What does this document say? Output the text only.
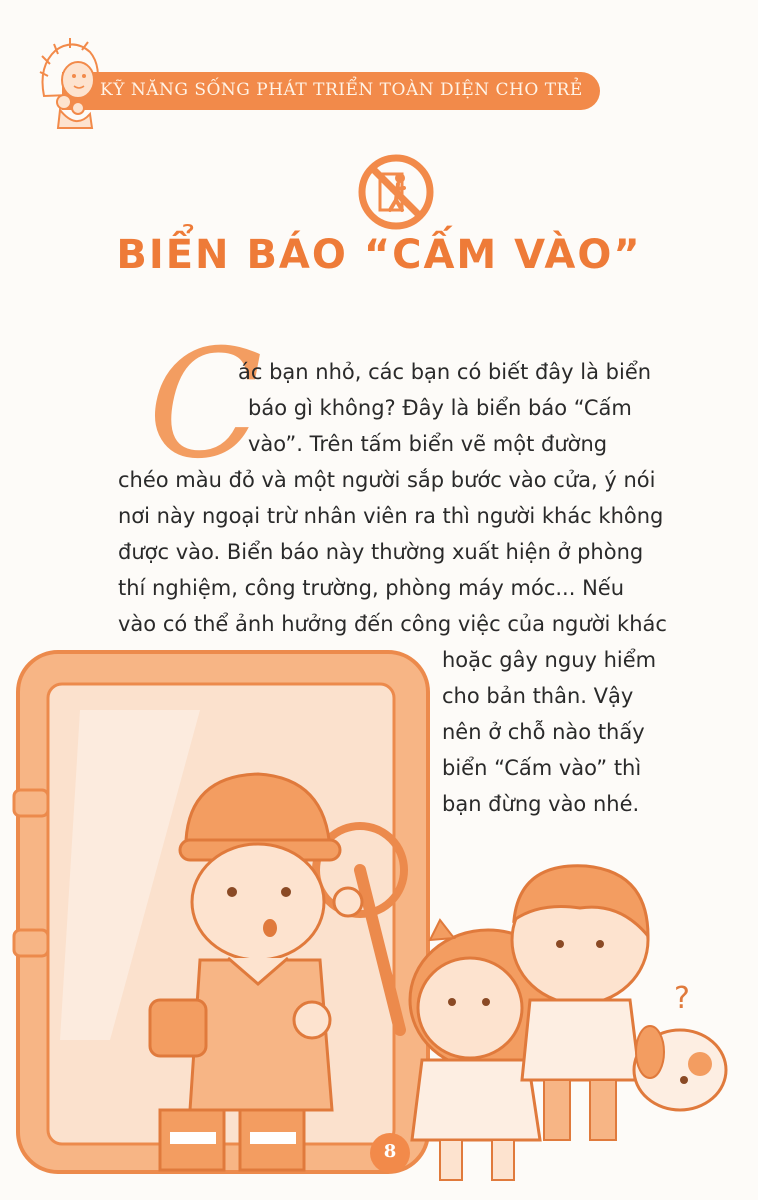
KỸ NĂNG SỐNG PHÁT TRIỂN TOÀN DIỆN CHO TRẺ
BIỂN BÁO “CẤM VÀO”
C
ác bạn nhỏ, các bạn có biết đây là biển
báo gì không? Đây là biển báo “Cấm
vào”. Trên tấm biển vẽ một đường
chéo màu đỏ và một người sắp bước vào cửa, ý nói
nơi này ngoại trừ nhân viên ra thì người khác không
được vào. Biển báo này thường xuất hiện ở phòng
thí nghiệm, công trường, phòng máy móc... Nếu
vào có thể ảnh hưởng đến công việc của người khác
hoặc gây nguy hiểm
cho bản thân. Vậy
nên ở chỗ nào thấy
biển “Cấm vào” thì
bạn đừng vào nhé.
?
8
